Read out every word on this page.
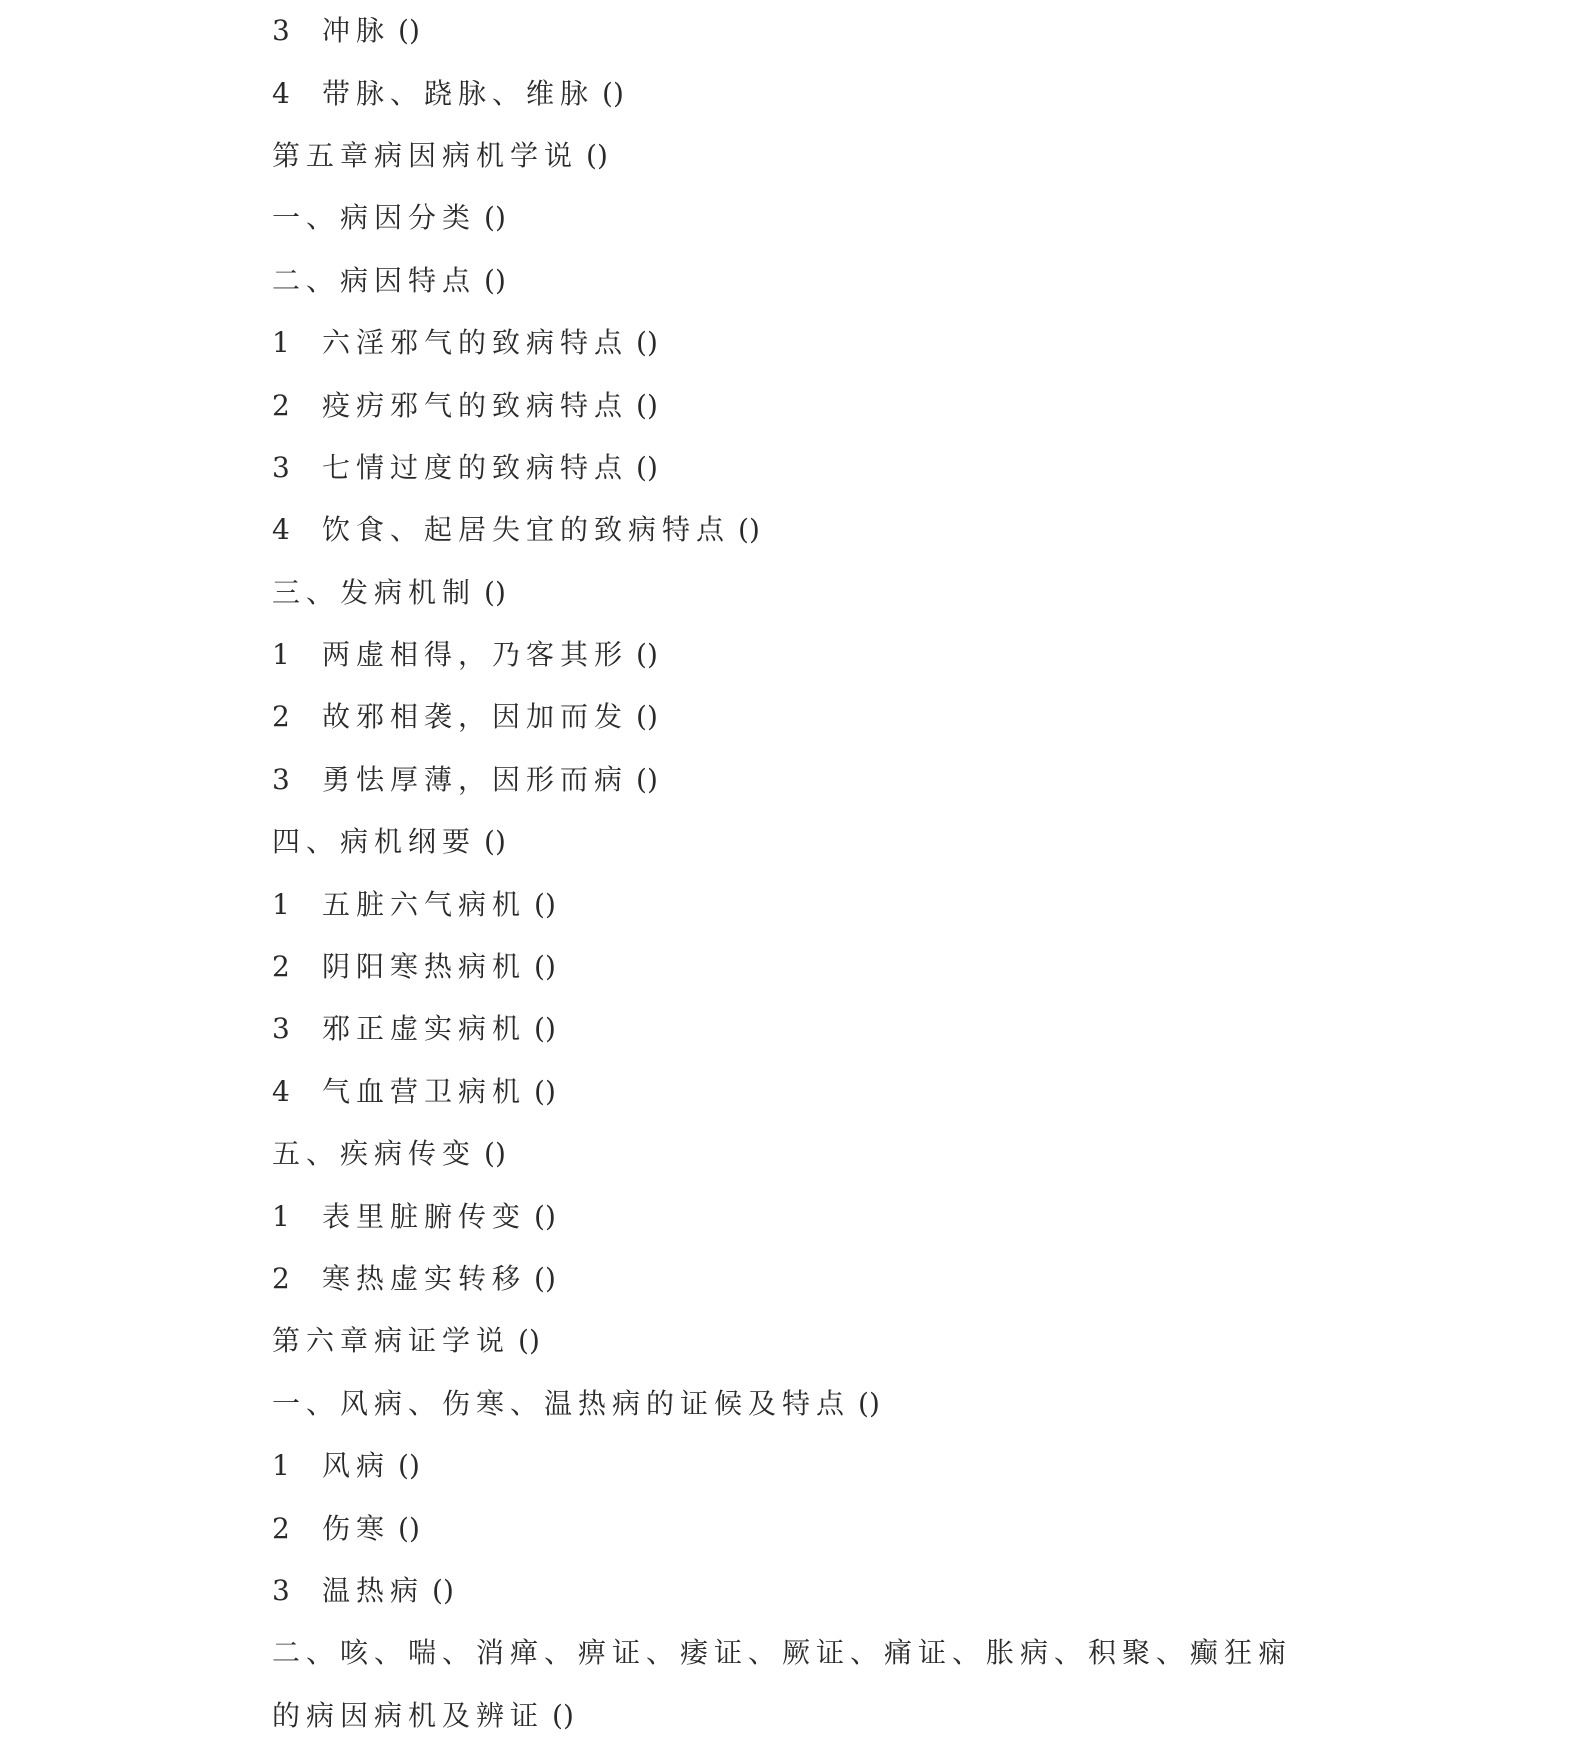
3	冲脉 ()
4	带脉、跷脉、维脉 ()
第五章病因病机学说 ()
一、病因分类 ()
二、病因特点 ()
1	六淫邪气的致病特点 ()
2	疫疠邪气的致病特点 ()
3	七情过度的致病特点 ()
4	饮食、起居失宜的致病特点 ()
三、发病机制 ()
1	两虚相得，乃客其形 ()
2	故邪相袭，因加而发 ()
3	勇怯厚薄，因形而病 ()
四、病机纲要 ()
1	五脏六气病机 ()
2	阴阳寒热病机 ()
3	邪正虚实病机 ()
4	气血营卫病机 ()
五、疾病传变 ()
1	表里脏腑传变 ()
2	寒热虚实转移 ()
第六章病证学说 ()
一、风病、伤寒、温热病的证候及特点 ()
1	风病 ()
2	伤寒 ()
3	温热病 ()
二、咳、喘、消瘅、痹证、痿证、厥证、痛证、胀病、积聚、癫狂痫
的病因病机及辨证 ()
